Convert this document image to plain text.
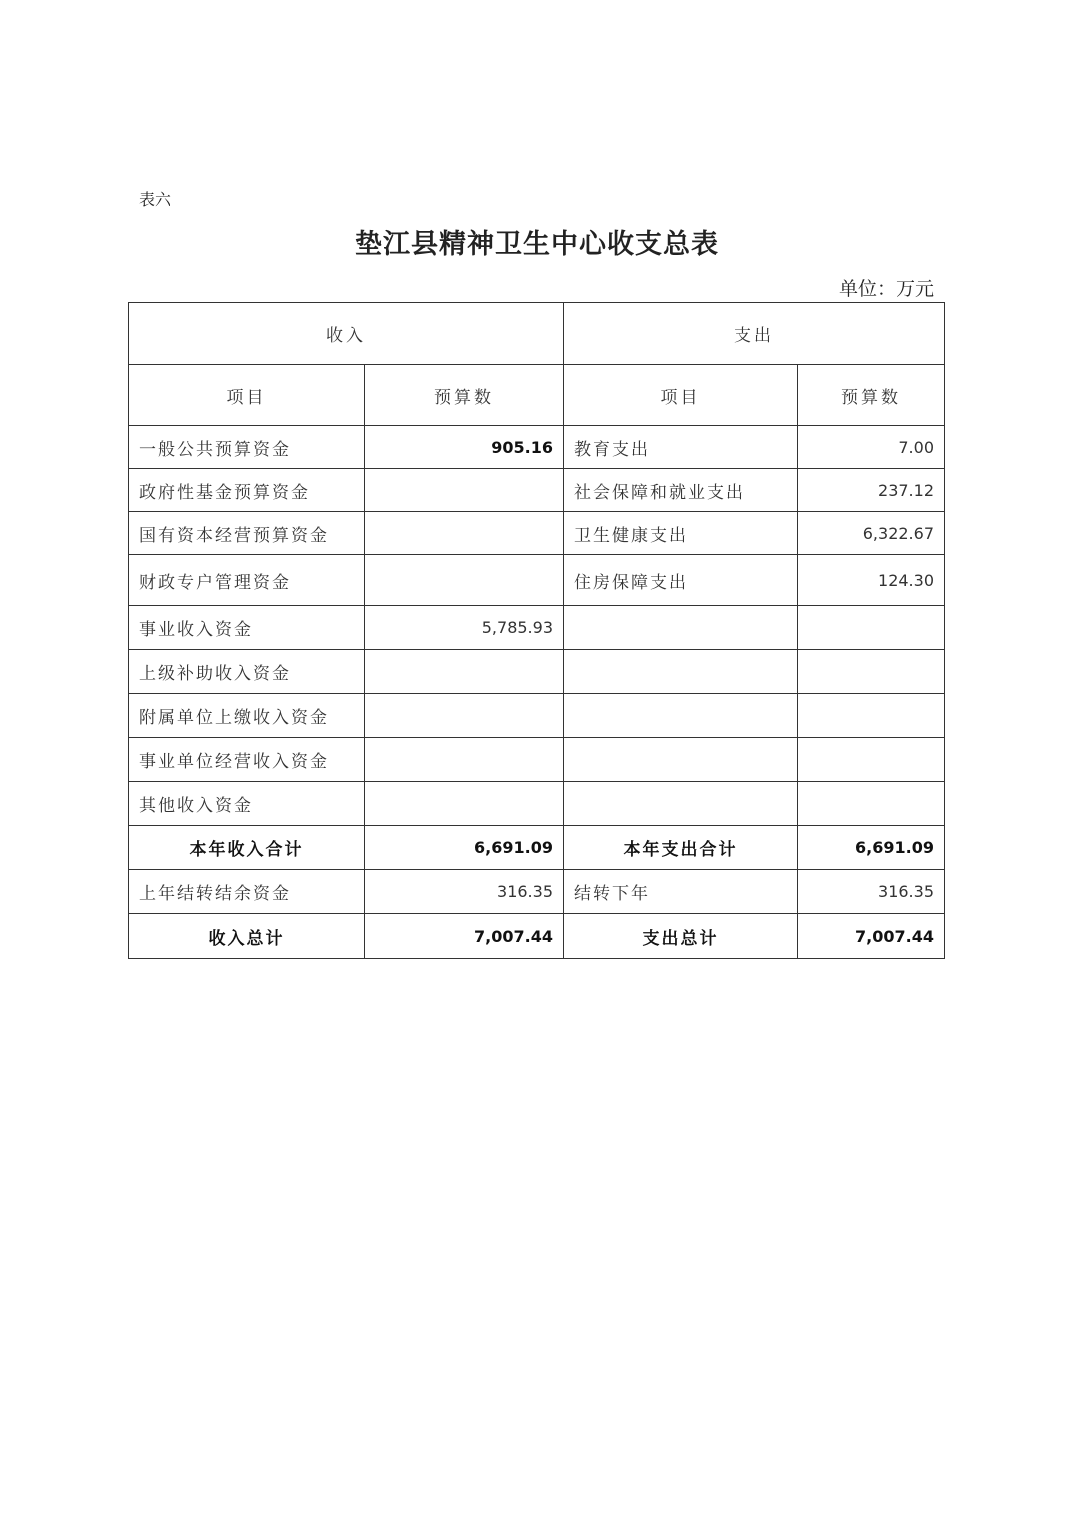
表六
垫江县精神卫生中心收支总表
单位：万元
收入		支出	
项目	预算数	项目	预算数
一般公共预算资金	905.16	教育支出	7.00
政府性基金预算资金		社会保障和就业支出	237.12
国有资本经营预算资金		卫生健康支出	6,322.67
财政专户管理资金		住房保障支出	124.30
事业收入资金	5,785.93		
上级补助收入资金			
附属单位上缴收入资金			
事业单位经营收入资金			
其他收入资金			
本年收入合计	6,691.09	本年支出合计	6,691.09
上年结转结余资金	316.35	结转下年	316.35
收入总计	7,007.44	支出总计	7,007.44
